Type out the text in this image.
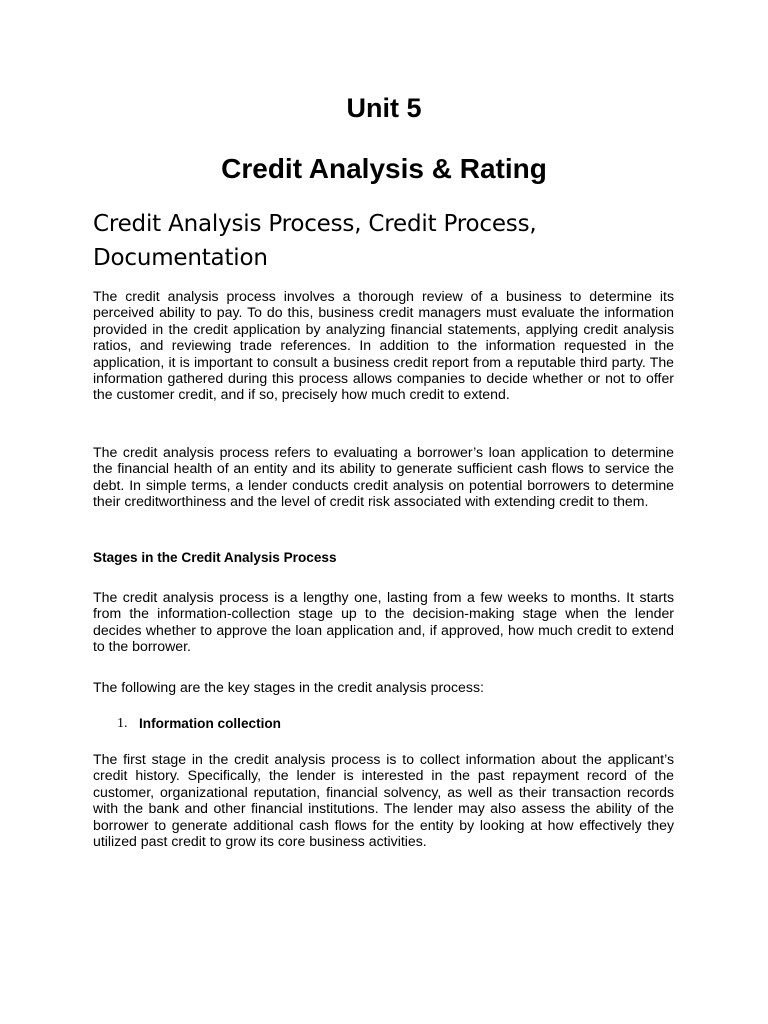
Unit 5
Credit Analysis & Rating
Credit Analysis Process, Credit Process, Documentation

The credit analysis process involves a thorough review of a business to determine its perceived ability to pay. To do this, business credit managers must evaluate the information provided in the credit application by analyzing financial statements, applying credit analysis ratios, and reviewing trade references. In addition to the information requested in the application, it is important to consult a business credit report from a reputable third party. The information gathered during this process allows companies to decide whether or not to offer the customer credit, and if so, precisely how much credit to extend.

The credit analysis process refers to evaluating a borrower’s loan application to determine the financial health of an entity and its ability to generate sufficient cash flows to service the debt. In simple terms, a lender conducts credit analysis on potential borrowers to determine their creditworthiness and the level of credit risk associated with extending credit to them.

Stages in the Credit Analysis Process

The credit analysis process is a lengthy one, lasting from a few weeks to months. It starts from the information-collection stage up to the decision-making stage when the lender decides whether to approve the loan application and, if approved, how much credit to extend to the borrower.

The following are the key stages in the credit analysis process:

1. Information collection

The first stage in the credit analysis process is to collect information about the applicant’s credit history. Specifically, the lender is interested in the past repayment record of the customer, organizational reputation, financial solvency, as well as their transaction records with the bank and other financial institutions. The lender may also assess the ability of the borrower to generate additional cash flows for the entity by looking at how effectively they utilized past credit to grow its core business activities.
